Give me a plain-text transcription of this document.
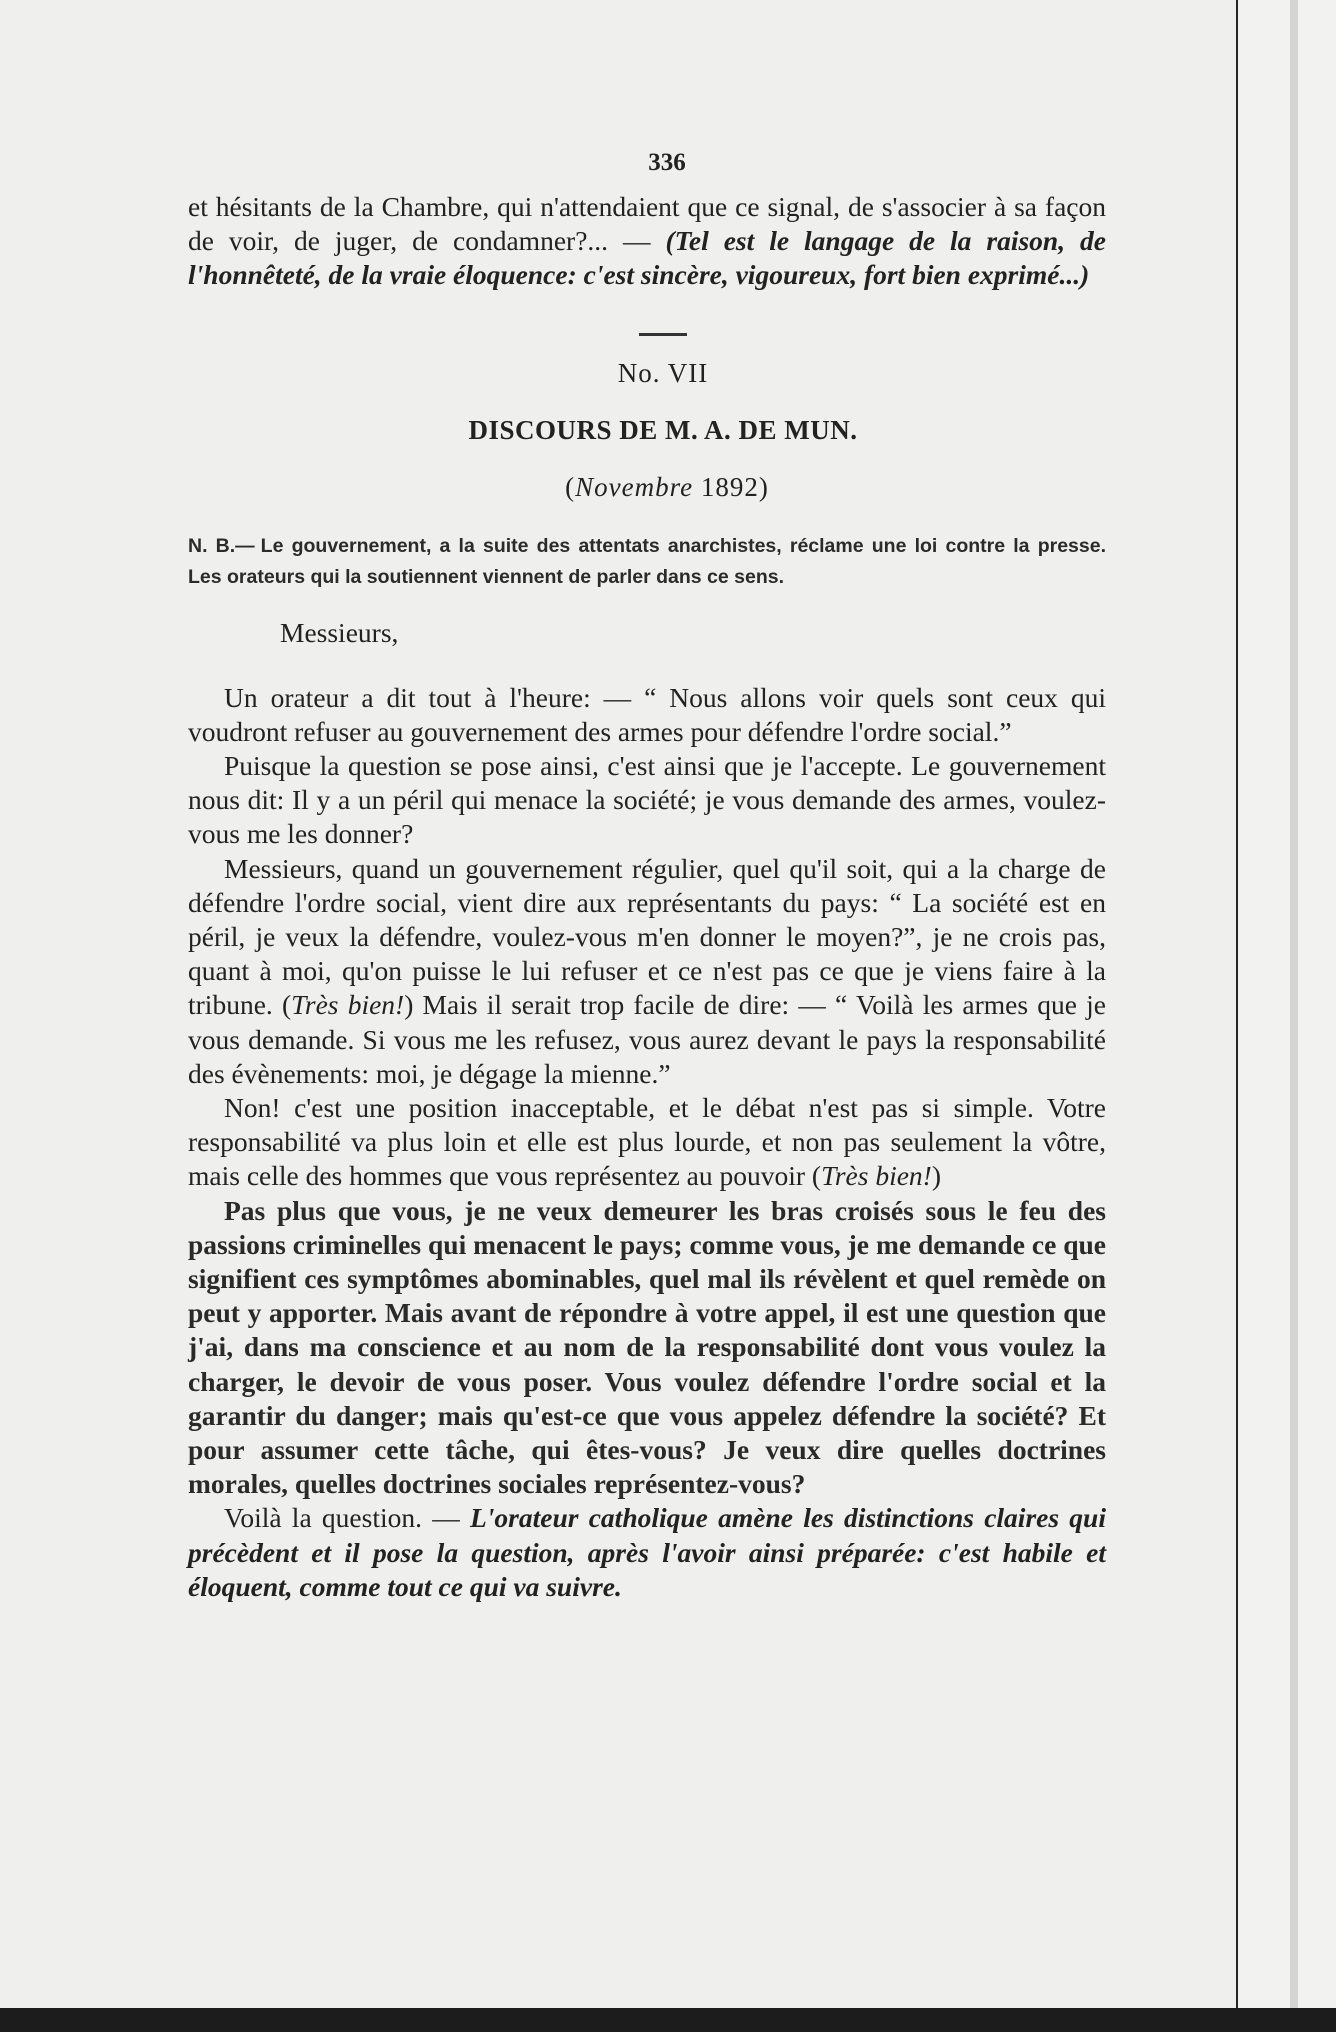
336

et hésitants de la Chambre, qui n'attendaient que ce signal, de s'associer à sa façon de voir, de juger, de condamner?... — (Tel est le langage de la raison, de l'honnêteté, de la vraie éloquence: c'est sincère, vigoureux, fort bien exprimé...)

No. VII
DISCOURS DE M. A. DE MUN.
(Novembre 1892)
N. B.— Le gouvernement, a la suite des attentats anarchistes, réclame une loi contre la presse. Les orateurs qui la soutiennent viennent de parler dans ce sens.
Messieurs,

Un orateur a dit tout à l'heure: — “ Nous allons voir quels sont ceux qui voudront refuser au gouvernement des armes pour défendre l'ordre social.”

Puisque la question se pose ainsi, c'est ainsi que je l'accepte. Le gouvernement nous dit: Il y a un péril qui menace la société; je vous demande des armes, voulez-vous me les donner?

Messieurs, quand un gouvernement régulier, quel qu'il soit, qui a la charge de défendre l'ordre social, vient dire aux représentants du pays: “ La société est en péril, je veux la défendre, voulez-vous m'en donner le moyen?”, je ne crois pas, quant à moi, qu'on puisse le lui refuser et ce n'est pas ce que je viens faire à la tribune. (Très bien!) Mais il serait trop facile de dire: — “ Voilà les armes que je vous demande. Si vous me les refusez, vous aurez devant le pays la responsabilité des évènements: moi, je dégage la mienne.”

Non! c'est une position inacceptable, et le débat n'est pas si simple. Votre responsabilité va plus loin et elle est plus lourde, et non pas seulement la vôtre, mais celle des hommes que vous représentez au pouvoir (Très bien!)

Pas plus que vous, je ne veux demeurer les bras croisés sous le feu des passions criminelles qui menacent le pays; comme vous, je me demande ce que signifient ces symptômes abominables, quel mal ils révèlent et quel remède on peut y apporter. Mais avant de répondre à votre appel, il est une question que j'ai, dans ma conscience et au nom de la responsabilité dont vous voulez la charger, le devoir de vous poser. Vous voulez défendre l'ordre social et la garantir du danger; mais qu'est-ce que vous appelez défendre la société? Et pour assumer cette tâche, qui êtes-vous? Je veux dire quelles doctrines morales, quelles doctrines sociales représentez-vous?

Voilà la question. — L'orateur catholique amène les distinctions claires qui précèdent et il pose la question, après l'avoir ainsi préparée: c'est habile et éloquent, comme tout ce qui va suivre.
